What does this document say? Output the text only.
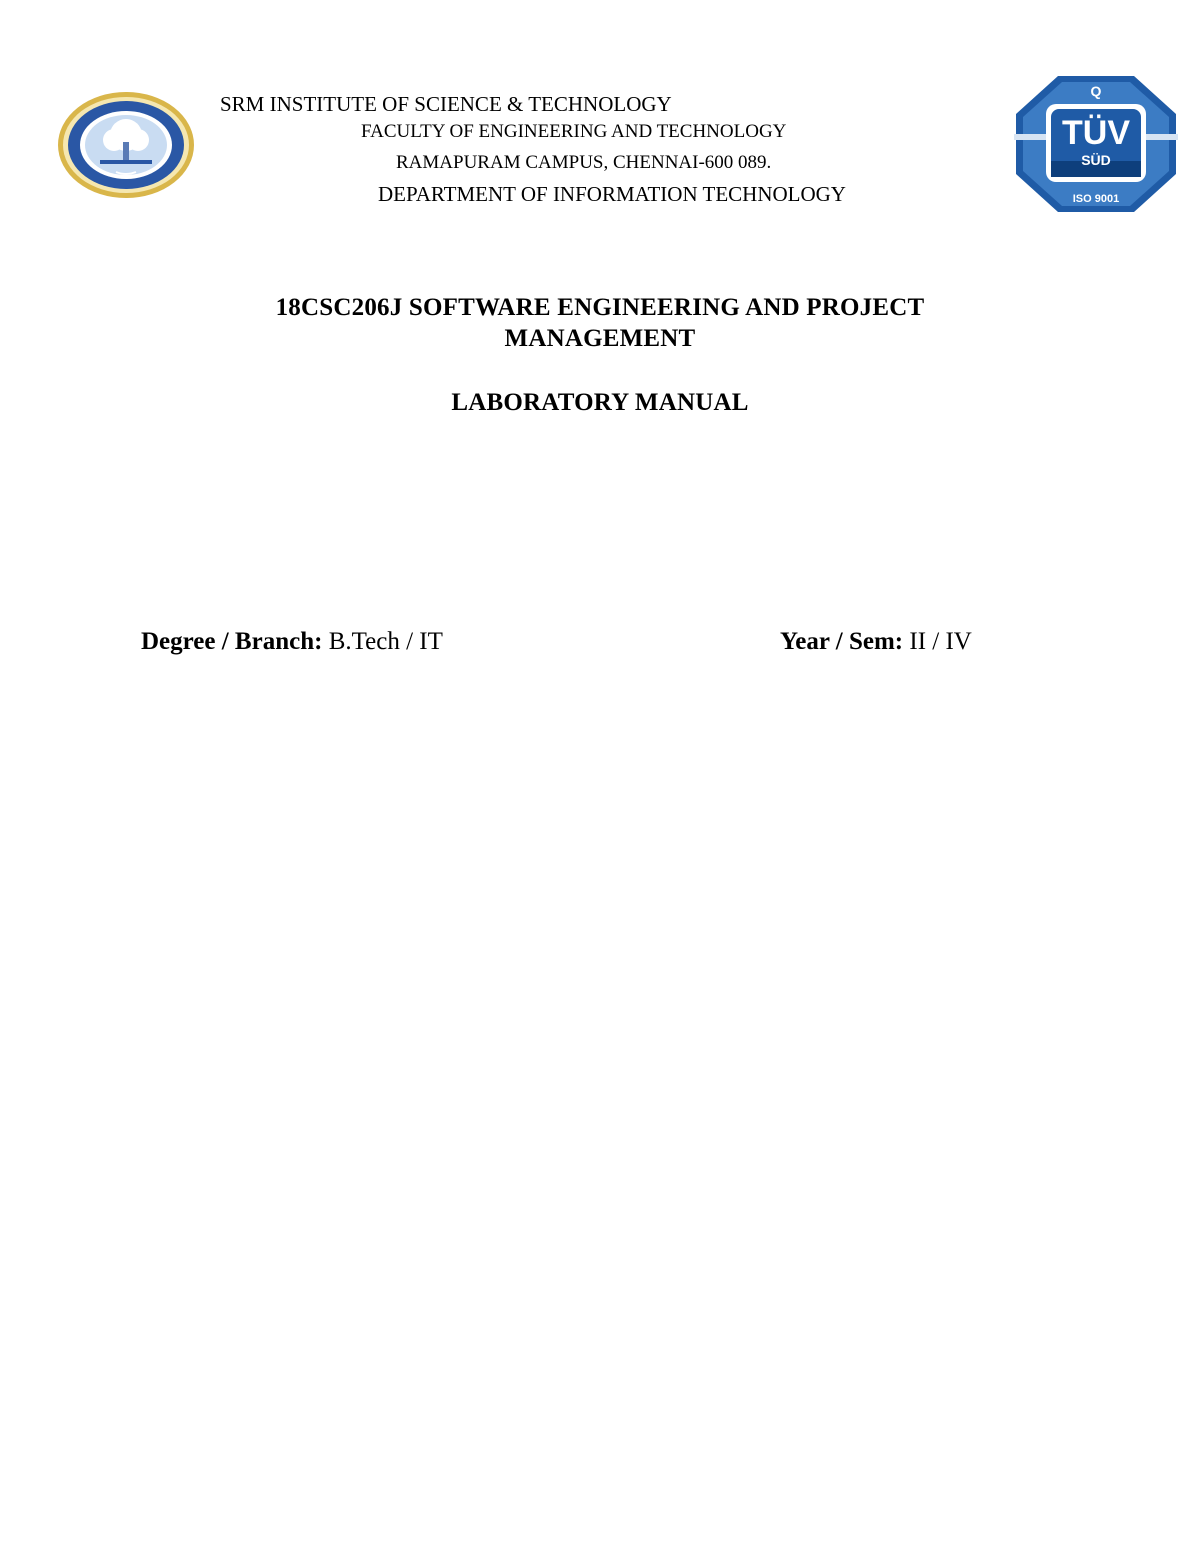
TÜV
SÜD
Q
ISO 9001
SRM INSTITUTE OF SCIENCE & TECHNOLOGY
FACULTY OF ENGINEERING AND TECHNOLOGY
RAMAPURAM CAMPUS, CHENNAI-600 089.
DEPARTMENT OF INFORMATION TECHNOLOGY
18CSC206J SOFTWARE ENGINEERING AND PROJECT
MANAGEMENT
LABORATORY MANUAL
Degree / Branch: B.Tech / IT	Year / Sem: II / IV
